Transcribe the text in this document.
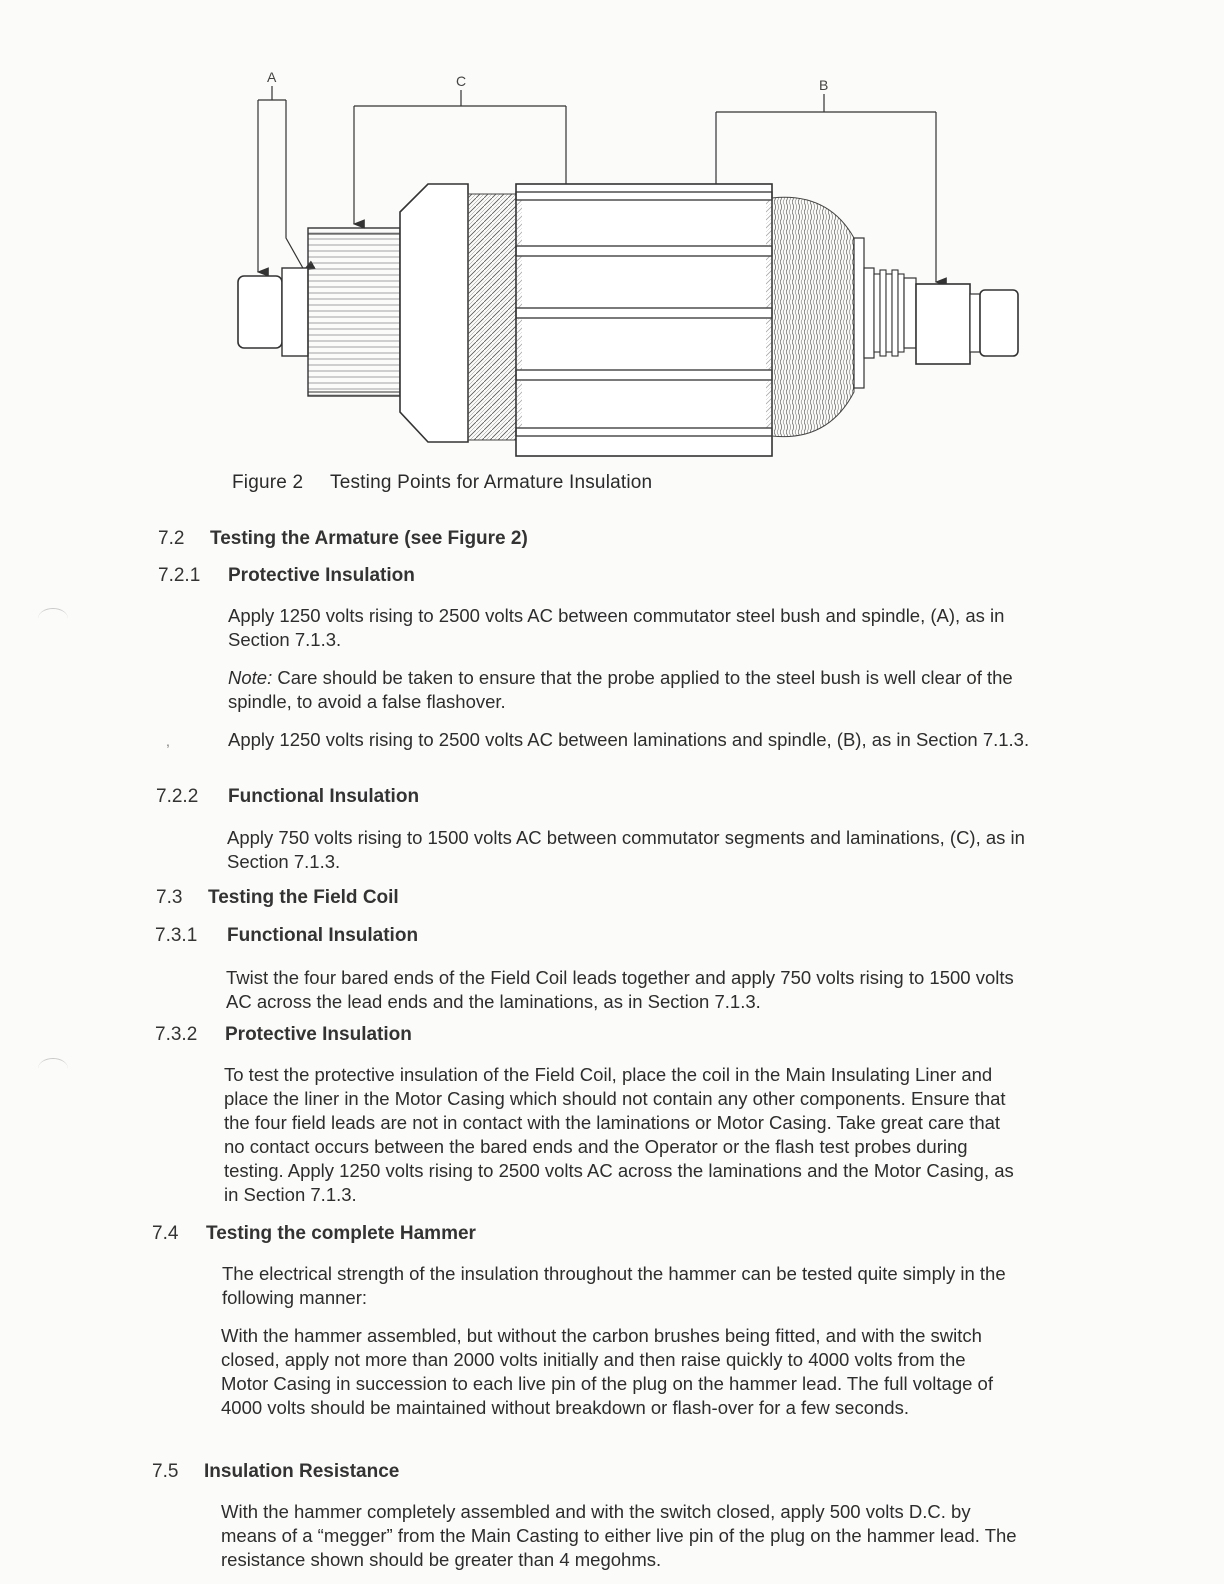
,
A	C	B
Figure 2 Testing Points for Armature Insulation
7.2 Testing the Armature (see Figure 2)
7.2.1 Protective Insulation
Apply 1250 volts rising to 2500 volts AC between commutator steel bush and spindle, (A), as in Section 7.1.3.
Note: Care should be taken to ensure that the probe applied to the steel bush is well clear of the spindle, to avoid a false flashover.
Apply 1250 volts rising to 2500 volts AC between laminations and spindle, (B), as in Section 7.1.3.
7.2.2 Functional Insulation
Apply 750 volts rising to 1500 volts AC between commutator segments and laminations, (C), as in Section 7.1.3.
7.3 Testing the Field Coil
7.3.1 Functional Insulation
Twist the four bared ends of the Field Coil leads together and apply 750 volts rising to 1500 volts AC across the lead ends and the laminations, as in Section 7.1.3.
7.3.2 Protective Insulation
To test the protective insulation of the Field Coil, place the coil in the Main Insulating Liner and place the liner in the Motor Casing which should not contain any other components. Ensure that the four field leads are not in contact with the laminations or Motor Casing. Take great care that no contact occurs between the bared ends and the Operator or the flash test probes during testing. Apply 1250 volts rising to 2500 volts AC across the laminations and the Motor Casing, as in Section 7.1.3.
7.4 Testing the complete Hammer
The electrical strength of the insulation throughout the hammer can be tested quite simply in the following manner:
With the hammer assembled, but without the carbon brushes being fitted, and with the switch closed, apply not more than 2000 volts initially and then raise quickly to 4000 volts from the Motor Casing in succession to each live pin of the plug on the hammer lead. The full voltage of 4000 volts should be maintained without breakdown or flash-over for a few seconds.
7.5 Insulation Resistance
With the hammer completely assembled and with the switch closed, apply 500 volts D.C. by means of a “megger” from the Main Casting to either live pin of the plug on the hammer lead. The resistance shown should be greater than 4 megohms.
